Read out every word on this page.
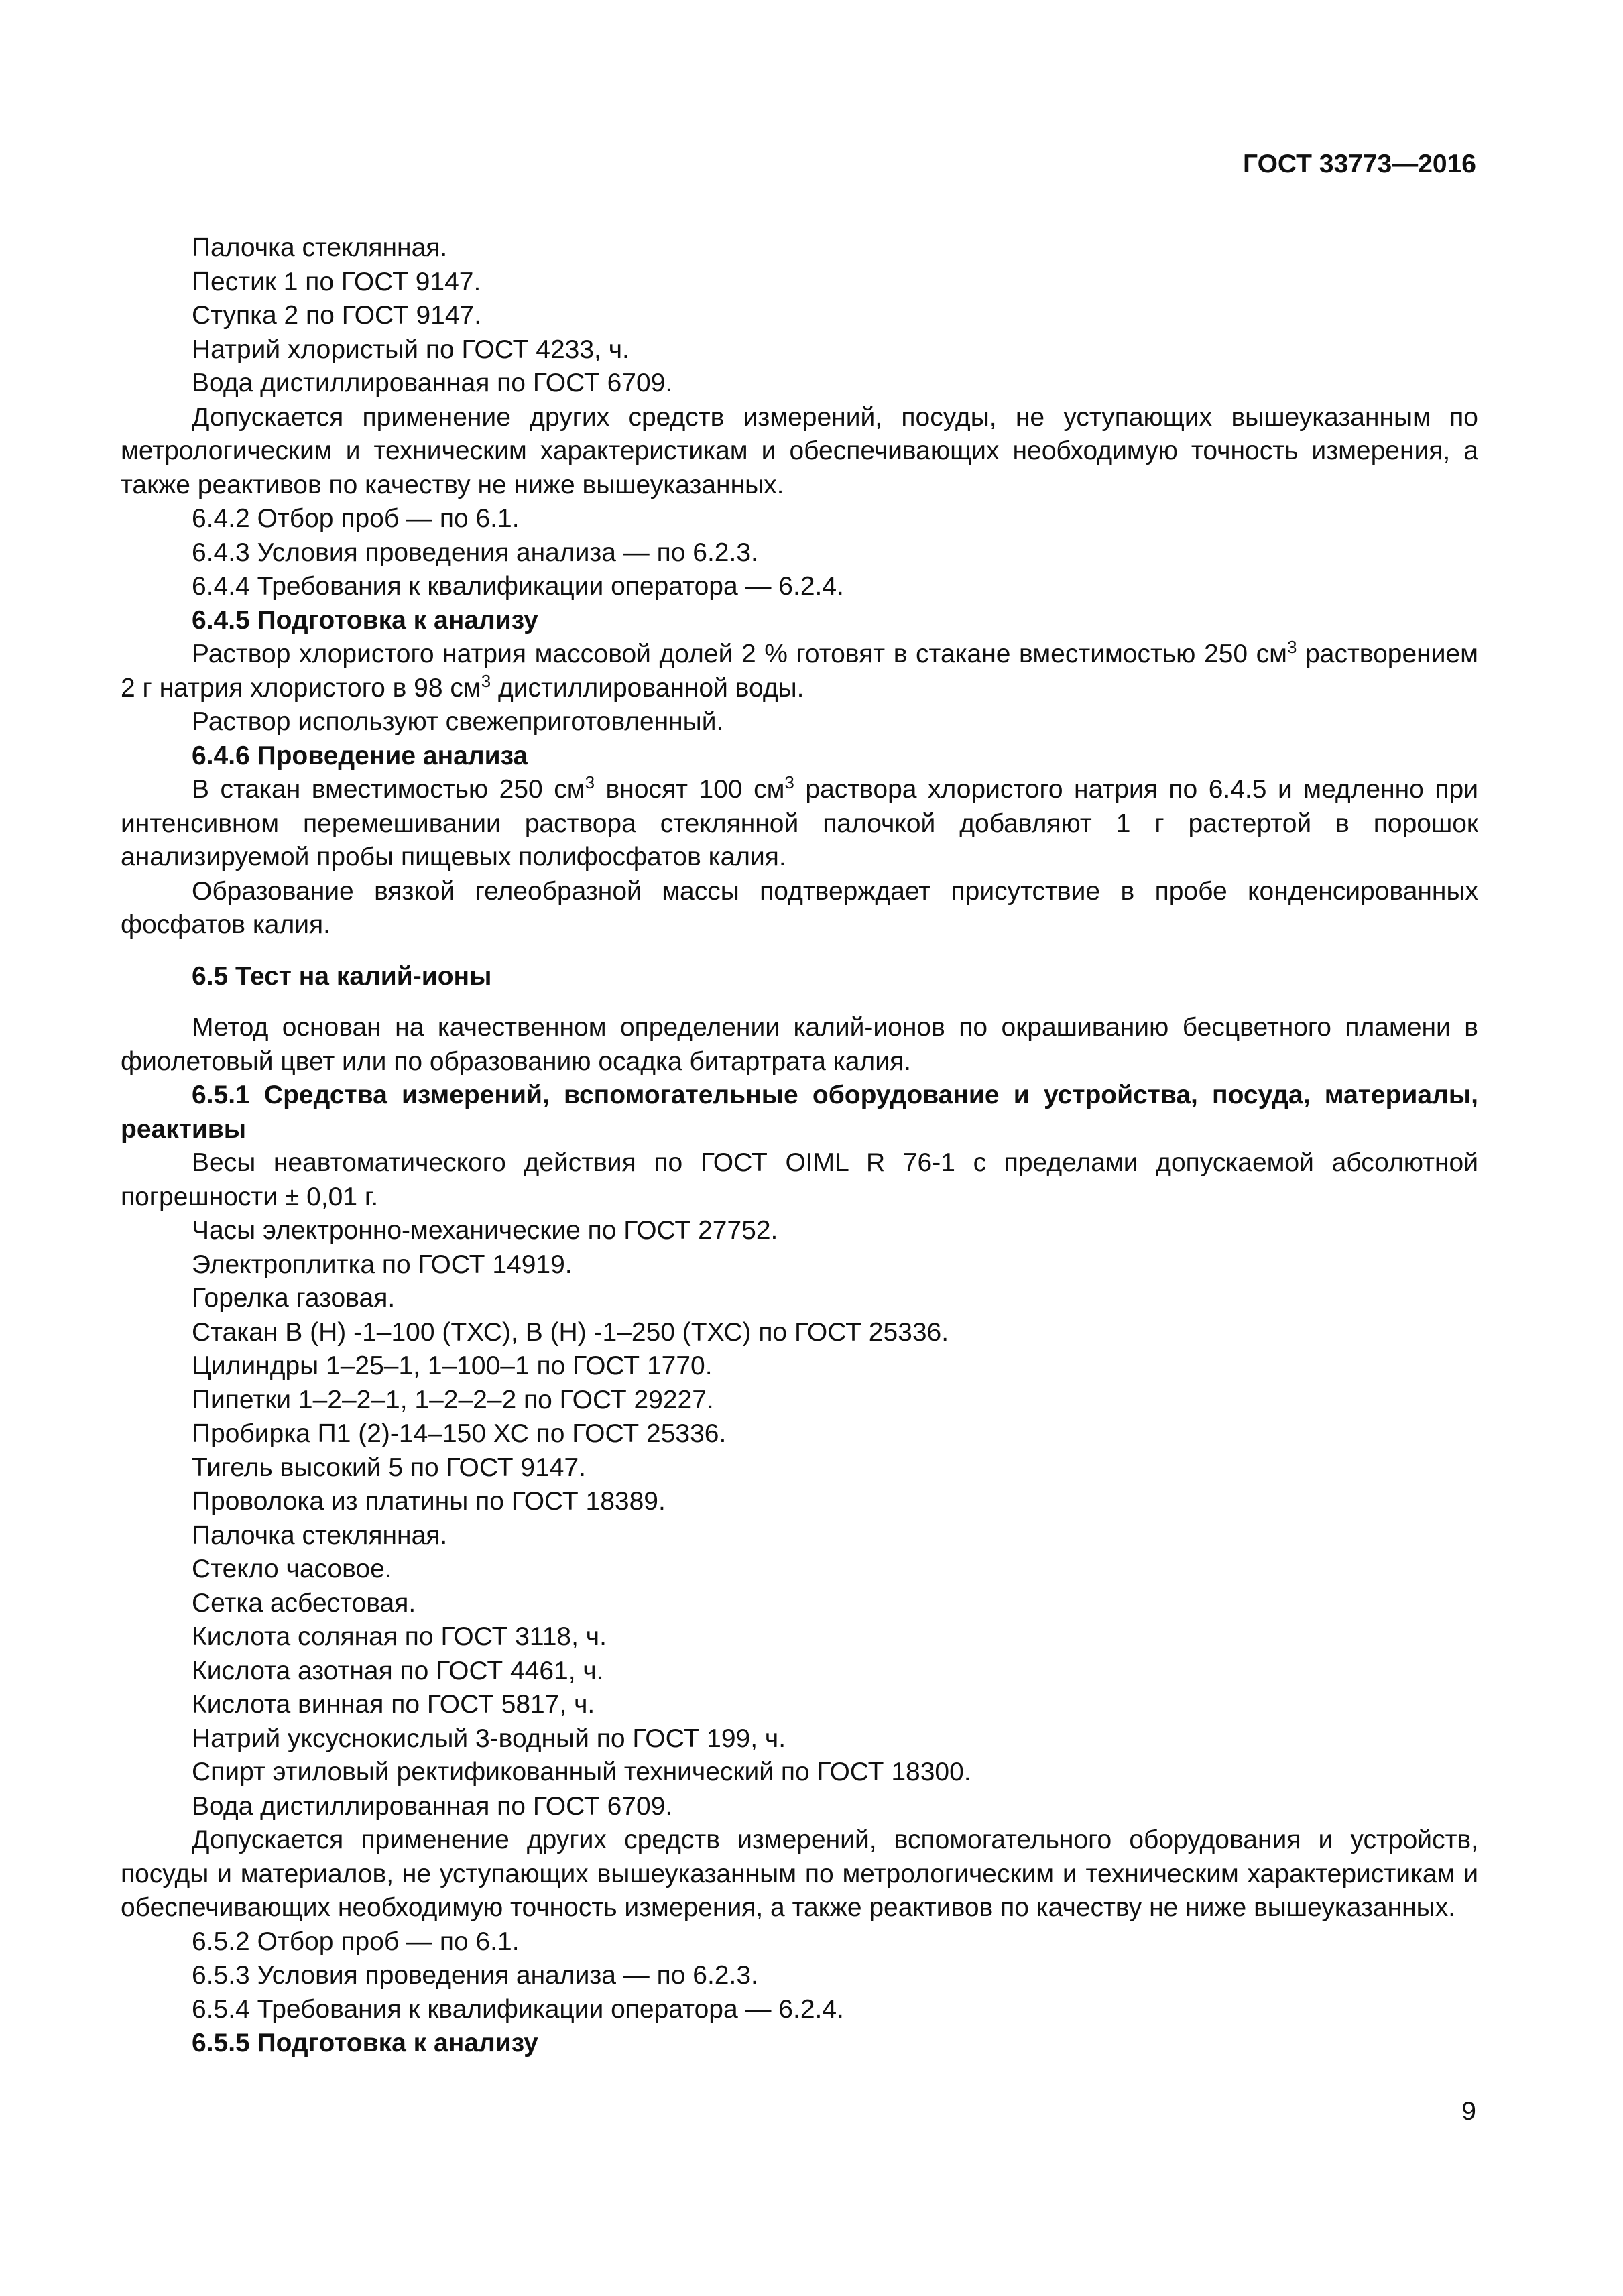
ГОСТ 33773—2016

Палочка стеклянная.

Пестик 1 по ГОСТ 9147.

Ступка 2 по ГОСТ 9147.

Натрий хлористый по ГОСТ 4233, ч.

Вода дистиллированная по ГОСТ 6709.

Допускается применение других средств измерений, посуды, не уступающих вышеуказанным по метрологическим и техническим характеристикам и обеспечивающих необходимую точность измерения, а также реактивов по качеству не ниже вышеуказанных.

6.4.2 Отбор проб — по 6.1.

6.4.3 Условия проведения анализа — по 6.2.3.

6.4.4 Требования к квалификации оператора — 6.2.4.

6.4.5 Подготовка к анализу

Раствор хлористого натрия массовой долей 2 % готовят в стакане вместимостью 250 $см^3$ растворением 2 г натрия хлористого в 98 $см^3$ дистиллированной воды.

Раствор используют свежеприготовленный.

6.4.6 Проведение анализа

В стакан вместимостью 250 $см^3$ вносят 100 $см^3$ раствора хлористого натрия по 6.4.5 и медленно при интенсивном перемешивании раствора стеклянной палочкой добавляют 1 г растертой в порошок анализируемой пробы пищевых полифосфатов калия.

Образование вязкой гелеобразной массы подтверждает присутствие в пробе конденсированных фосфатов калия.

6.5 Тест на калий-ионы

Метод основан на качественном определении калий-ионов по окрашиванию бесцветного пламени в фиолетовый цвет или по образованию осадка битартрата калия.

6.5.1 Средства измерений, вспомогательные оборудование и устройства, посуда, материалы, реактивы

Весы неавтоматического действия по ГОСТ OIML R 76-1 с пределами допускаемой абсолютной погрешности ± 0,01 г.

Часы электронно-механические по ГОСТ 27752.

Электроплитка по ГОСТ 14919.

Горелка газовая.

Стакан В (Н) -1–100 (ТХС), В (Н) -1–250 (ТХС) по ГОСТ 25336.

Цилиндры 1–25–1, 1–100–1 по ГОСТ 1770.

Пипетки 1–2–2–1, 1–2–2–2 по ГОСТ 29227.

Пробирка П1 (2)-14–150 ХС по ГОСТ 25336.

Тигель высокий 5 по ГОСТ 9147.

Проволока из платины по ГОСТ 18389.

Палочка стеклянная.

Стекло часовое.

Сетка асбестовая.

Кислота соляная по ГОСТ 3118, ч.

Кислота азотная по ГОСТ 4461, ч.

Кислота винная по ГОСТ 5817, ч.

Натрий уксуснокислый 3-водный по ГОСТ 199, ч.

Спирт этиловый ректификованный технический по ГОСТ 18300.

Вода дистиллированная по ГОСТ 6709.

Допускается применение других средств измерений, вспомогательного оборудования и устройств, посуды и материалов, не уступающих вышеуказанным по метрологическим и техническим характеристикам и обеспечивающих необходимую точность измерения, а также реактивов по качеству не ниже вышеуказанных.

6.5.2 Отбор проб — по 6.1.

6.5.3 Условия проведения анализа — по 6.2.3.

6.5.4 Требования к квалификации оператора — 6.2.4.

6.5.5 Подготовка к анализу

9
